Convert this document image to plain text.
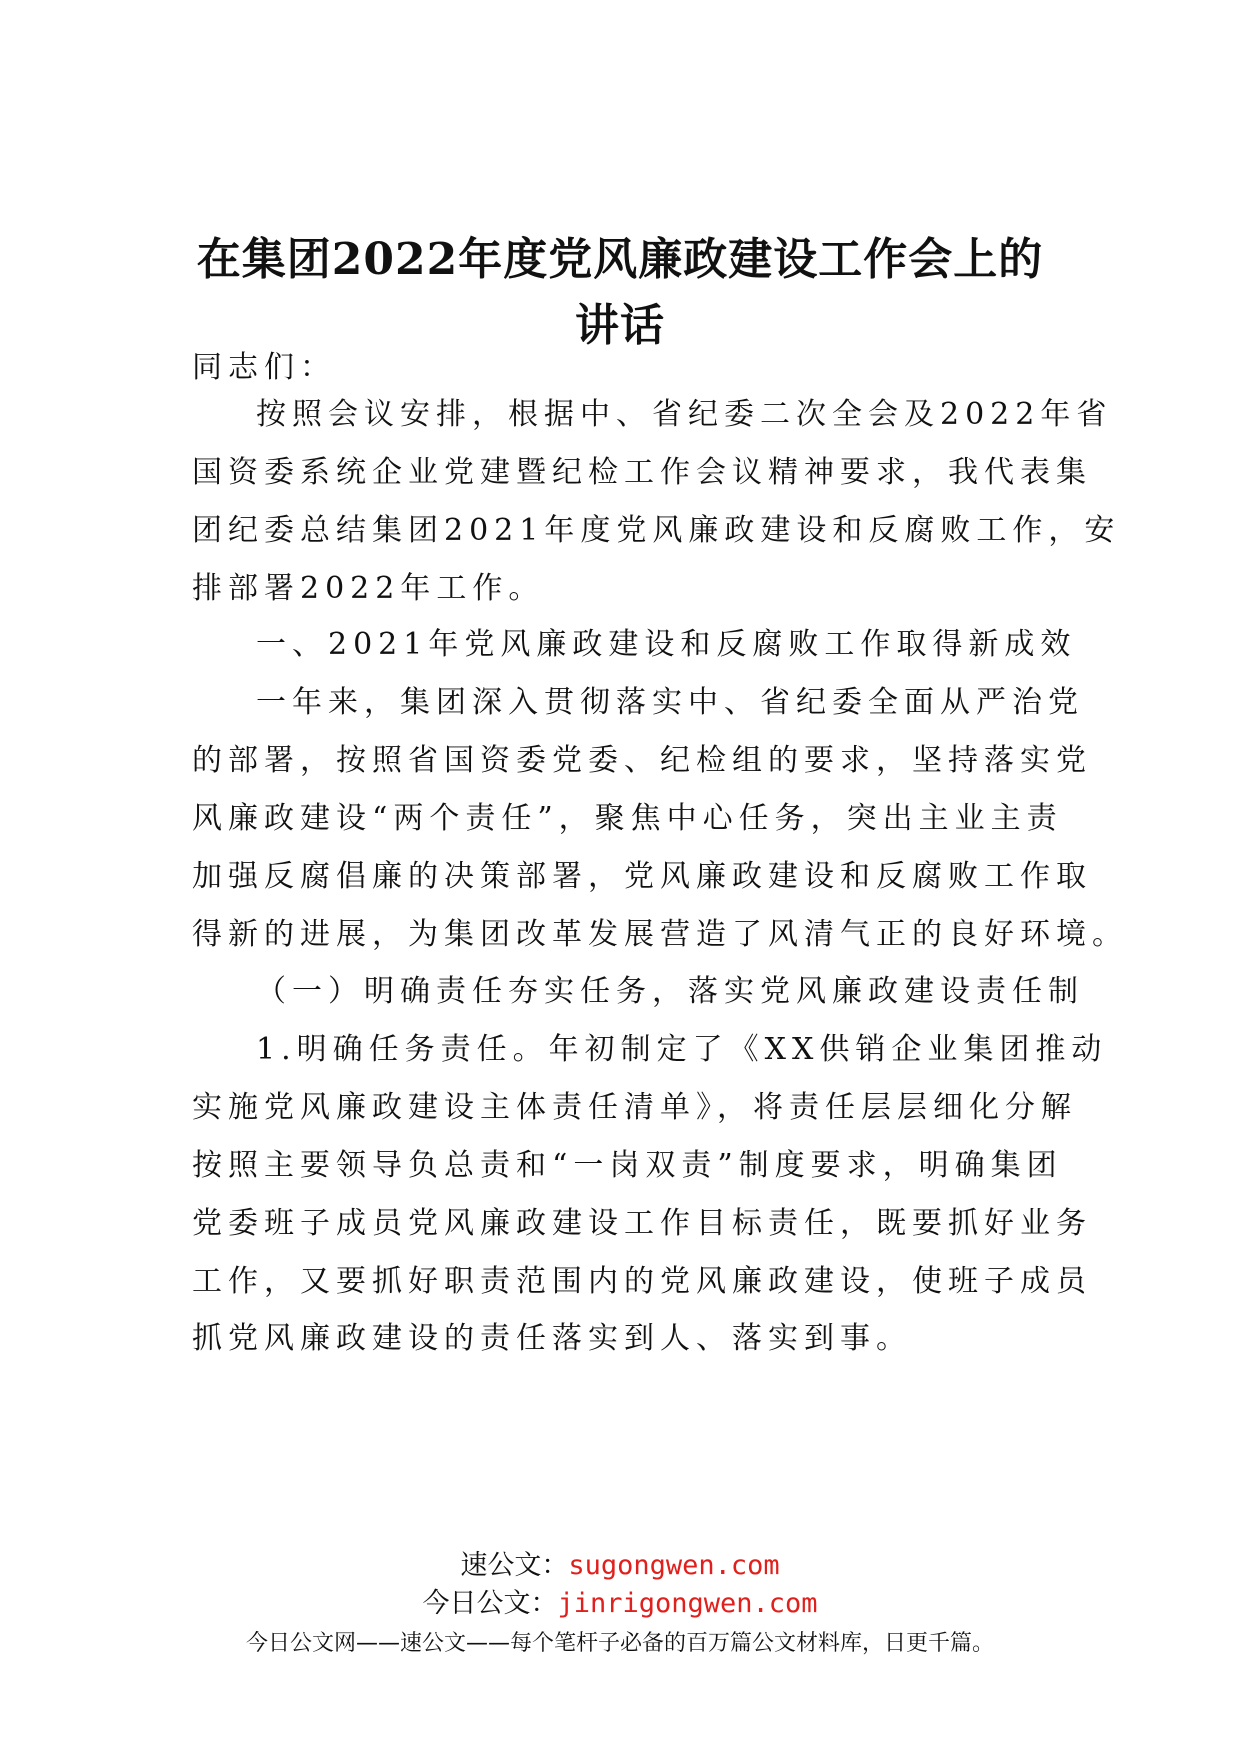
在集团2022年度党风廉政建设工作会上的
讲话

同志们：

按照会议安排，根据中、省纪委二次全会及2022年省

国资委系统企业党建暨纪检工作会议精神要求，我代表集

团纪委总结集团2021年度党风廉政建设和反腐败工作，安

排部署2022年工作。

一、2021年党风廉政建设和反腐败工作取得新成效

一年来，集团深入贯彻落实中、省纪委全面从严治党

的部署，按照省国资委党委、纪检组的要求，坚持落实党

风廉政建设“两个责任”，聚焦中心任务，突出主业主责

加强反腐倡廉的决策部署，党风廉政建设和反腐败工作取

得新的进展，为集团改革发展营造了风清气正的良好环境。

（一）明确责任夯实任务，落实党风廉政建设责任制

1.明确任务责任。年初制定了《XX供销企业集团推动

实施党风廉政建设主体责任清单》，将责任层层细化分解

按照主要领导负总责和“一岗双责”制度要求，明确集团

党委班子成员党风廉政建设工作目标责任，既要抓好业务

工作，又要抓好职责范围内的党风廉政建设，使班子成员

抓党风廉政建设的责任落实到人、落实到事。

速公文：sugongwen.com

今日公文：jinrigongwen.com

今日公文网——速公文——每个笔杆子必备的百万篇公文材料库，日更千篇。
